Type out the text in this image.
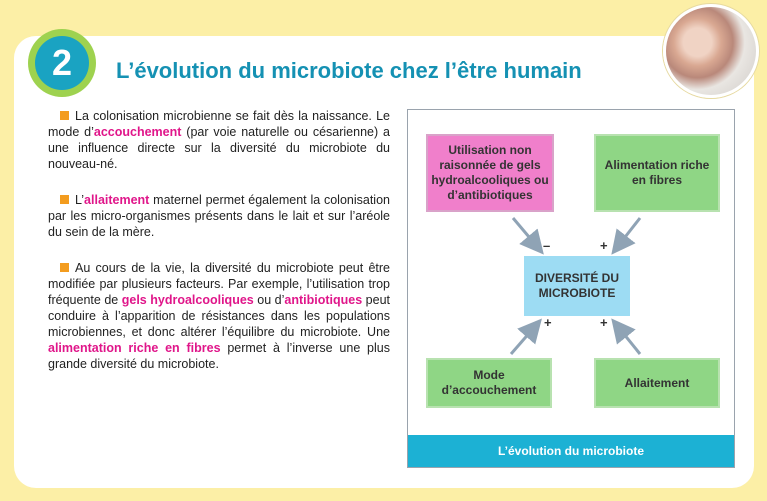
2	L’évolution du microbiote chez l’être humain

La colonisation microbienne se fait dès la naissance. Le mode d’accouchement (par voie naturelle ou césarienne) a une influence directe sur la diversité du microbiote du nouveau-né.

L’allaitement maternel permet également la colonisation par les micro-organismes présents dans le lait et sur l’aréole du sein de la mère.

Au cours de la vie, la diversité du microbiote peut être modifiée par plusieurs facteurs. Par exemple, l’utilisation trop fréquente de gels hydroalcooliques ou d’antibiotiques peut conduire à l’apparition de résistances dans les populations microbiennes, et donc altérer l’équilibre du microbiote. Une alimentation riche en fibres permet à l’inverse une plus grande diversité du microbiote.

Utilisation non raisonnée de gels hydroalcooliques ou d’antibiotiques
Alimentation riche en fibres
DIVERSITÉ DU MICROBIOTE
Mode d’accouchement
Allaitement
–	+
+	+
L’évolution du microbiote
